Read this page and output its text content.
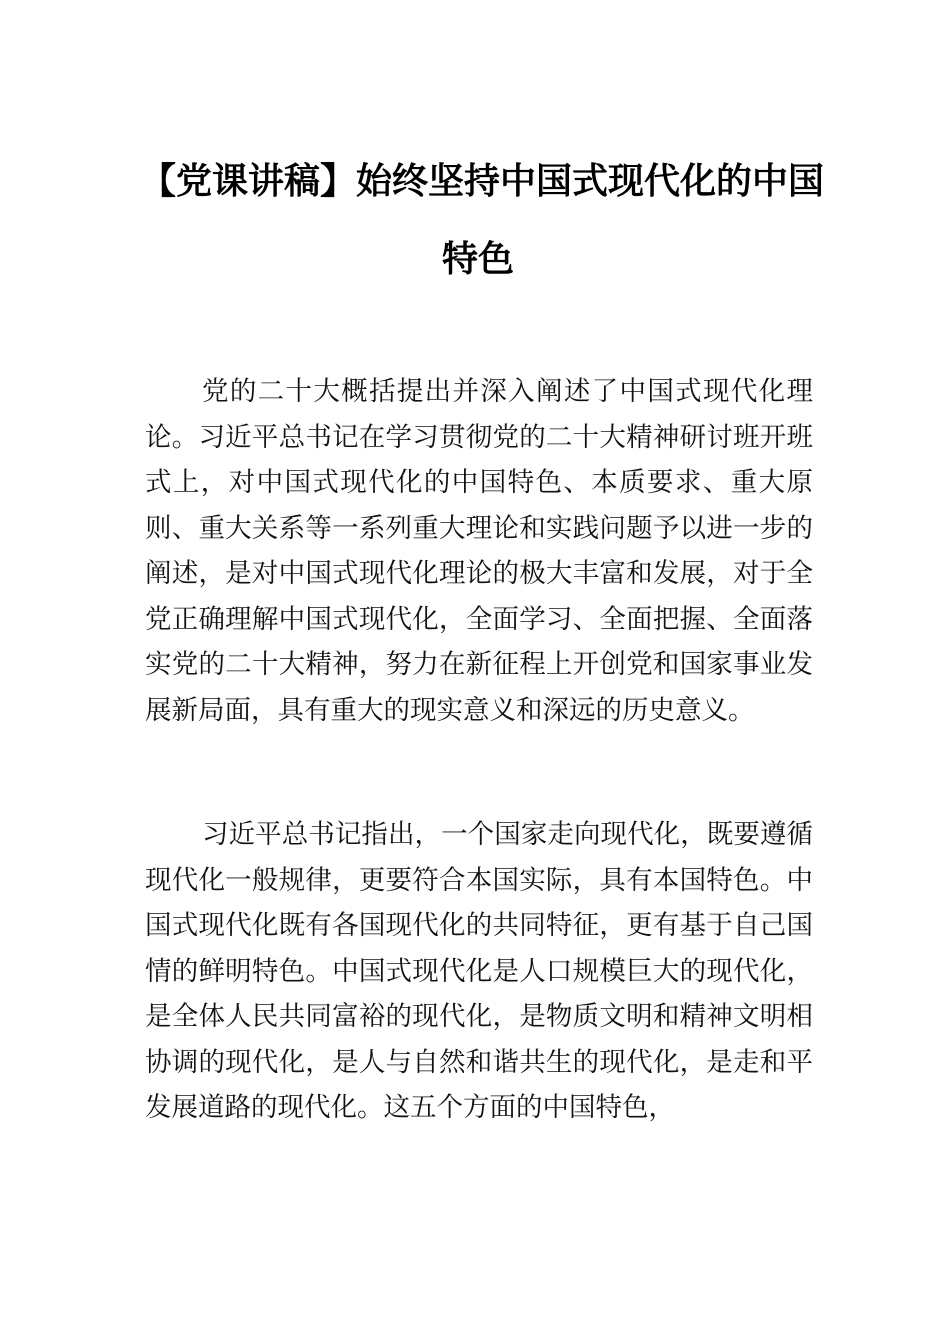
【党课讲稿】始终坚持中国式现代化的中国
特色

党的二十大概括提出并深入阐述了中国式现代化理论。习近平总书记在学习贯彻党的二十大精神研讨班开班式上，对中国式现代化的中国特色、本质要求、重大原则、重大关系等一系列重大理论和实践问题予以进一步的阐述，是对中国式现代化理论的极大丰富和发展，对于全党正确理解中国式现代化，全面学习、全面把握、全面落实党的二十大精神，努力在新征程上开创党和国家事业发展新局面，具有重大的现实意义和深远的历史意义。

习近平总书记指出，一个国家走向现代化，既要遵循现代化一般规律，更要符合本国实际，具有本国特色。中国式现代化既有各国现代化的共同特征，更有基于自己国情的鲜明特色。中国式现代化是人口规模巨大的现代化，是全体人民共同富裕的现代化，是物质文明和精神文明相协调的现代化，是人与自然和谐共生的现代化，是走和平发展道路的现代化。这五个方面的中国特色，
